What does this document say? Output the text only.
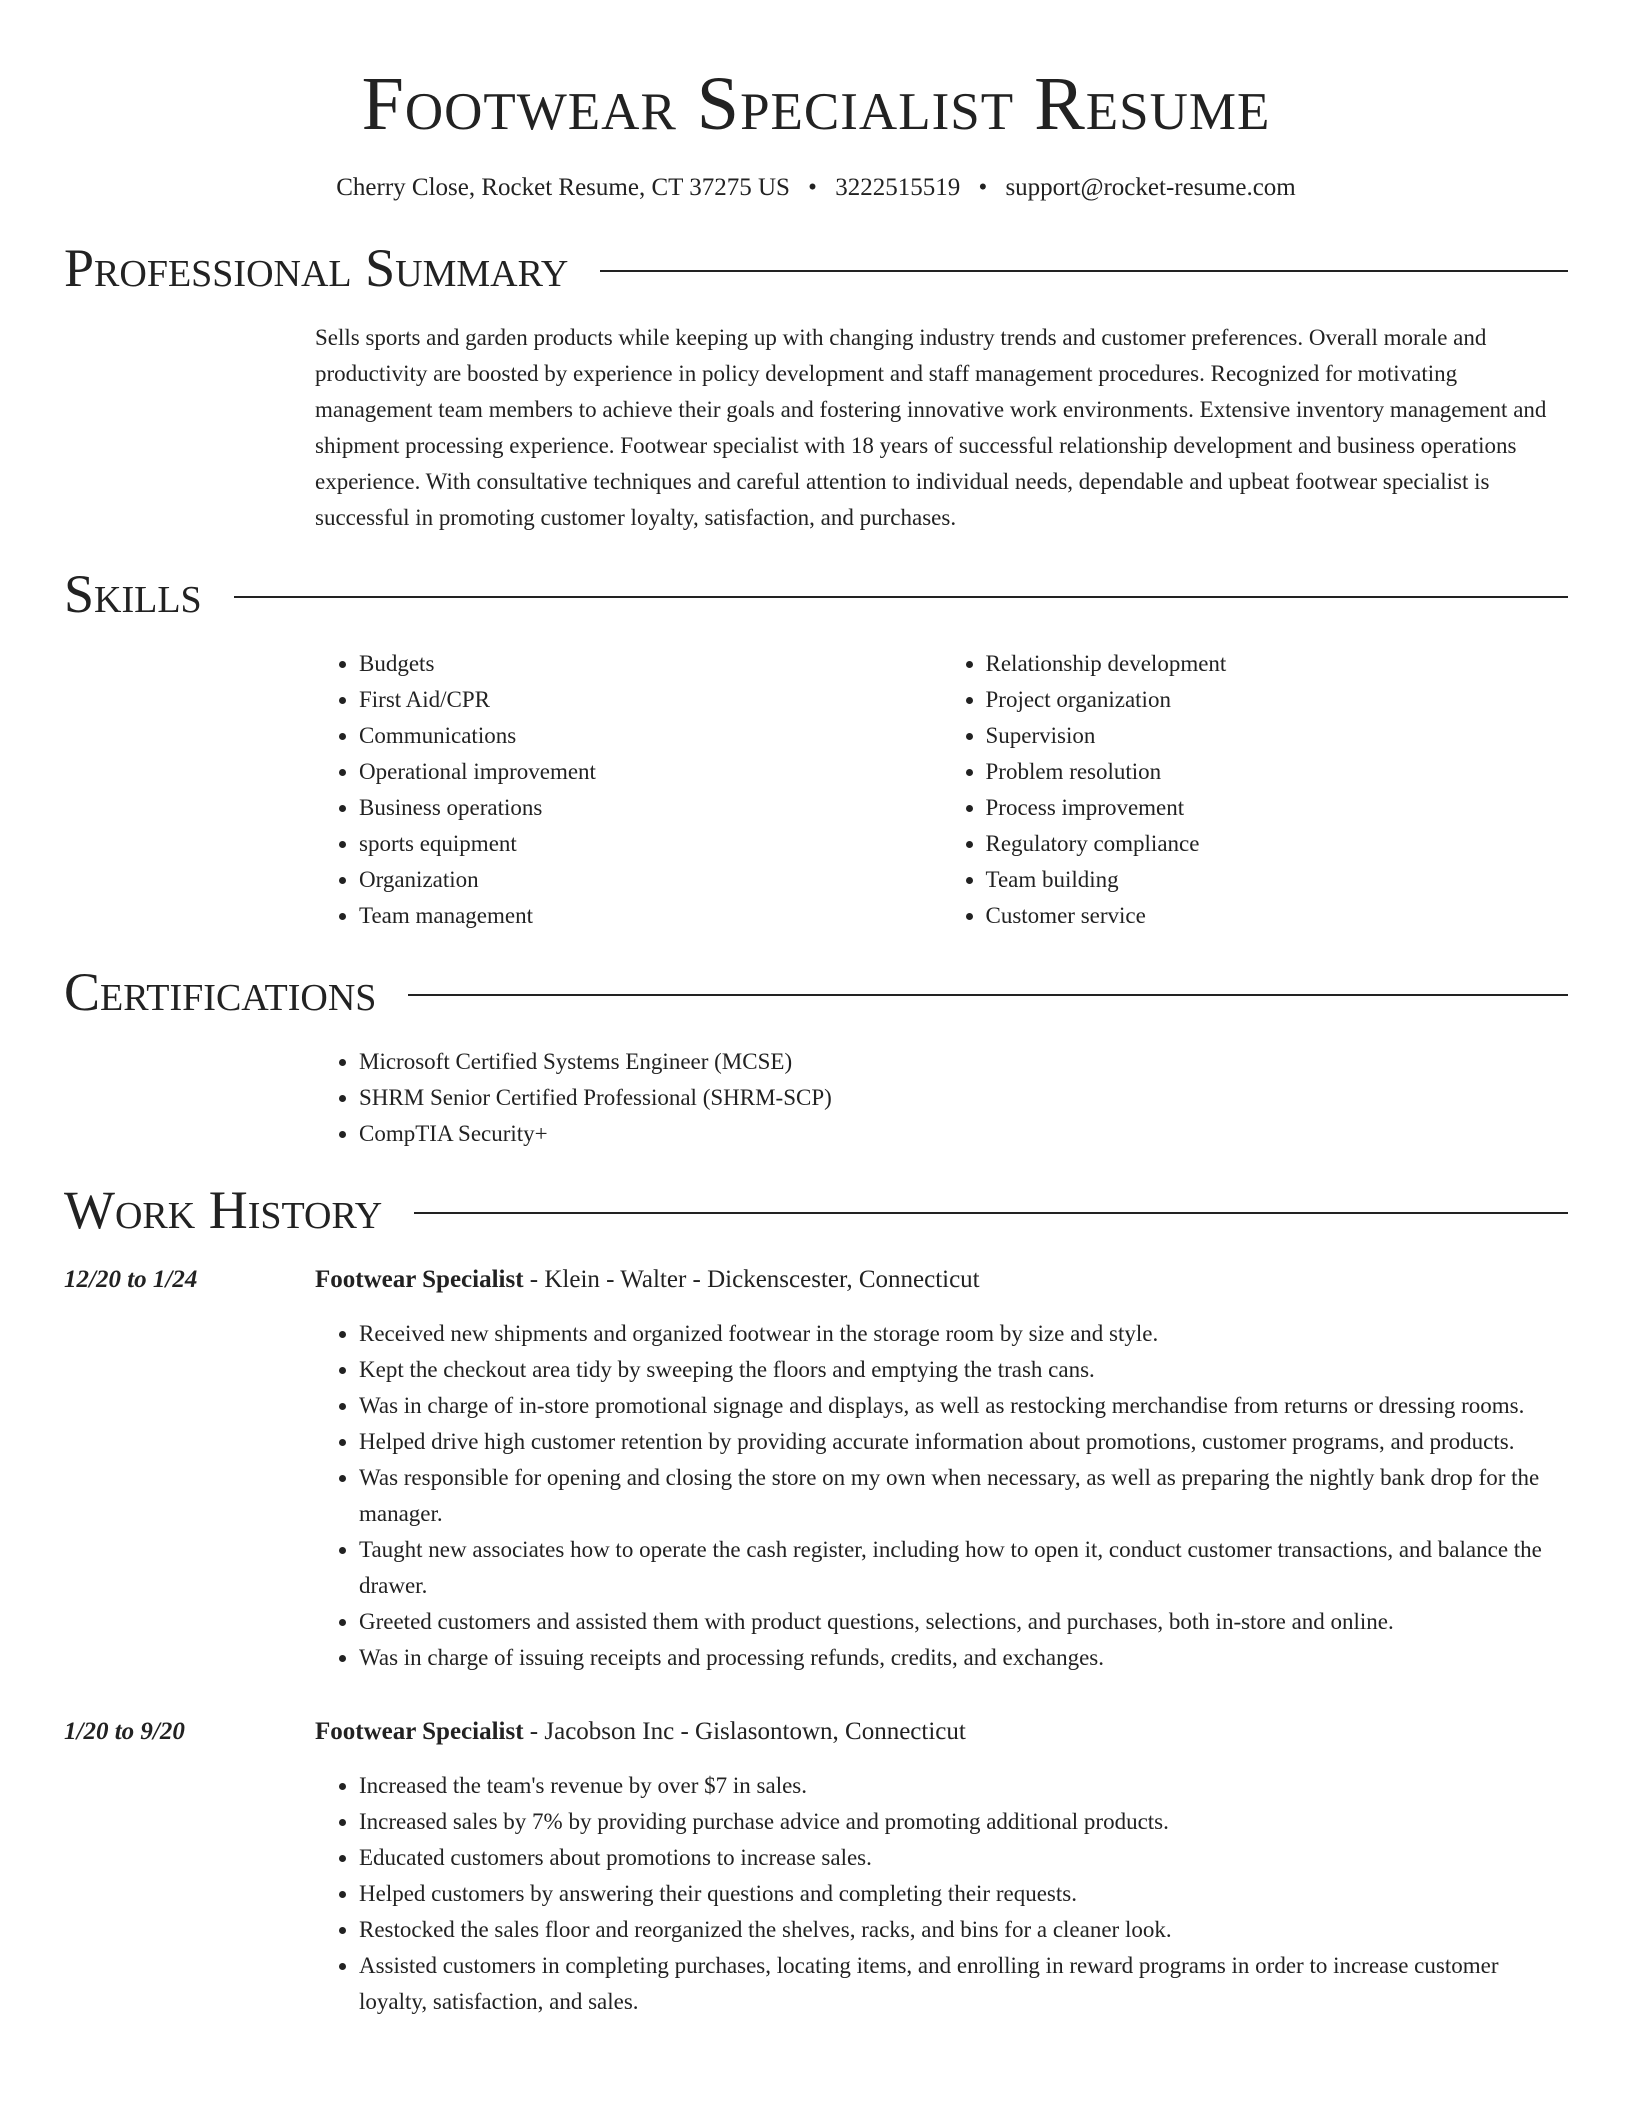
Footwear Specialist Resume
Cherry Close, Rocket Resume, CT 37275 US • 3222515519 • support@rocket-resume.com
Professional Summary

Sells sports and garden products while keeping up with changing industry trends and customer preferences. Overall morale and productivity are boosted by experience in policy development and staff management procedures. Recognized for motivating management team members to achieve their goals and fostering innovative work environments. Extensive inventory management and shipment processing experience. Footwear specialist with 18 years of successful relationship development and business operations experience. With consultative techniques and careful attention to individual needs, dependable and upbeat footwear specialist is successful in promoting customer loyalty, satisfaction, and purchases.

Skills
• Budgets
• First Aid/CPR
• Communications
• Operational improvement
• Business operations
• sports equipment
• Organization
• Team management
• Relationship development
• Project organization
• Supervision
• Problem resolution
• Process improvement
• Regulatory compliance
• Team building
• Customer service
Certifications
• Microsoft Certified Systems Engineer (MCSE)
• SHRM Senior Certified Professional (SHRM-SCP)
• CompTIA Security+
Work History
12/20 to 1/24	Footwear Specialist - Klein - Walter - Dickenscester, Connecticut
• Received new shipments and organized footwear in the storage room by size and style.
• Kept the checkout area tidy by sweeping the floors and emptying the trash cans.
• Was in charge of in-store promotional signage and displays, as well as restocking merchandise from returns or dressing rooms.
• Helped drive high customer retention by providing accurate information about promotions, customer programs, and products.
• Was responsible for opening and closing the store on my own when necessary, as well as preparing the nightly bank drop for the manager.
• Taught new associates how to operate the cash register, including how to open it, conduct customer transactions, and balance the drawer.
• Greeted customers and assisted them with product questions, selections, and purchases, both in-store and online.
• Was in charge of issuing receipts and processing refunds, credits, and exchanges.
1/20 to 9/20	Footwear Specialist - Jacobson Inc - Gislasontown, Connecticut
• Increased the team's revenue by over $7 in sales.
• Increased sales by 7% by providing purchase advice and promoting additional products.
• Educated customers about promotions to increase sales.
• Helped customers by answering their questions and completing their requests.
• Restocked the sales floor and reorganized the shelves, racks, and bins for a cleaner look.
• Assisted customers in completing purchases, locating items, and enrolling in reward programs in order to increase customer loyalty, satisfaction, and sales.
